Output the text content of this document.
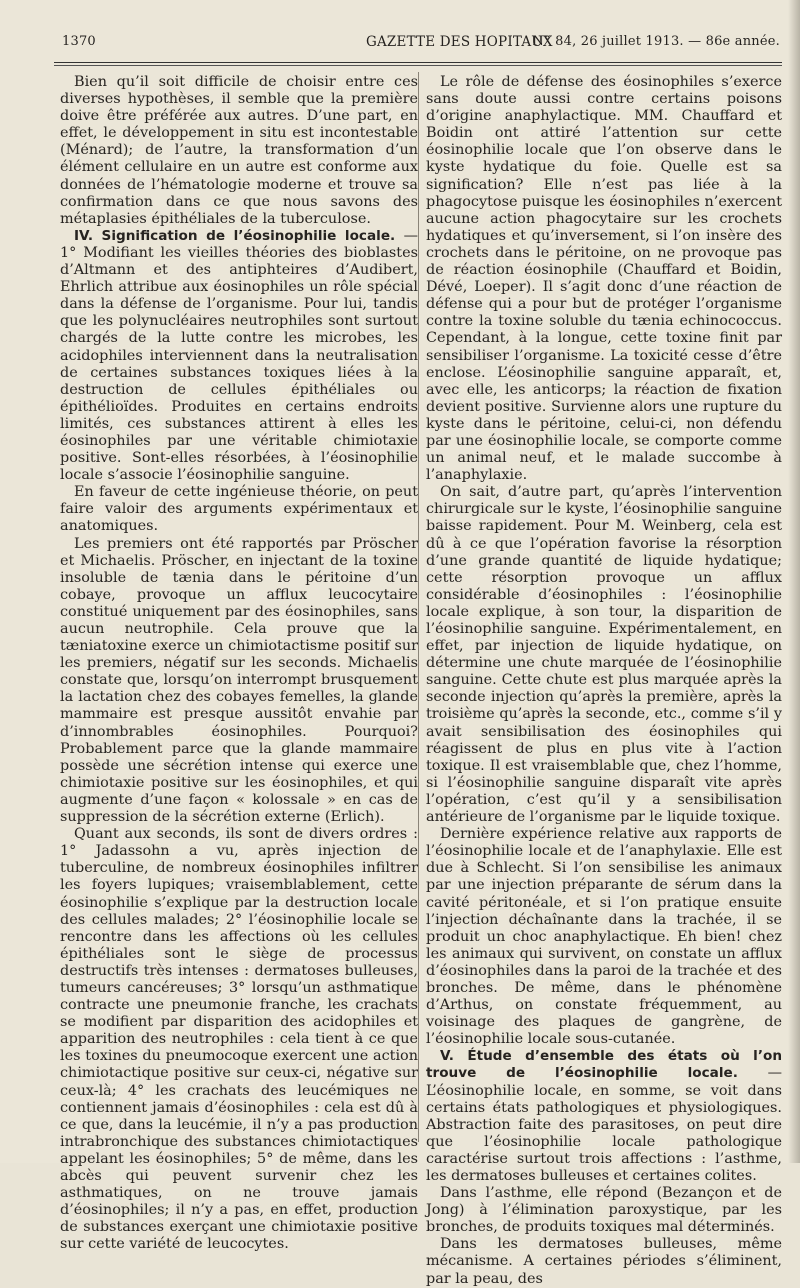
1370	GAZETTE DES HOPITAUX
N° 84, 26 juillet 1913. — 86e année.

Bien qu’il soit difficile de choisir entre ces diverses hypothèses, il semble que la première doive être préférée aux autres. D’une part, en effet, le développement in situ est incontestable (Ménard); de l’autre, la transformation d’un élément cellulaire en un autre est conforme aux données de l’hématologie moderne et trouve sa confirmation dans ce que nous savons des métaplasies épithéliales de la tuberculose.

IV. Signification de l’éosinophilie locale. — 1° Modifiant les vieilles théories des bioblastes d’Altmann et des antiphteires d’Audibert, Ehrlich attribue aux éosinophiles un rôle spécial dans la défense de l’organisme. Pour lui, tandis que les polynucléaires neutrophiles sont surtout chargés de la lutte contre les microbes, les acidophiles interviennent dans la neutralisation de certaines substances toxiques liées à la destruction de cellules épithéliales ou épithélioïdes. Produites en certains endroits limités, ces substances attirent à elles les éosinophiles par une véritable chimiotaxie positive. Sont-elles résorbées, à l’éosinophilie locale s’associe l’éosinophilie sanguine.

En faveur de cette ingénieuse théorie, on peut faire valoir des arguments expérimentaux et anatomiques.

Les premiers ont été rapportés par Pröscher et Michaelis. Pröscher, en injectant de la toxine insoluble de tænia dans le péritoine d’un cobaye, provoque un afflux leucocytaire constitué uniquement par des éosinophiles, sans aucun neutrophile. Cela prouve que la tæniatoxine exerce un chimiotactisme positif sur les premiers, négatif sur les seconds. Michaelis constate que, lorsqu’on interrompt brusquement la lactation chez des cobayes femelles, la glande mammaire est presque aussitôt envahie par d’innombrables éosinophiles. Pourquoi? Probablement parce que la glande mammaire possède une sécrétion intense qui exerce une chimiotaxie positive sur les éosinophiles, et qui augmente d’une façon « kolossale » en cas de suppression de la sécrétion externe (Erlich).

Quant aux seconds, ils sont de divers ordres : 1° Jadassohn a vu, après injection de tuberculine, de nombreux éosinophiles infiltrer les foyers lupiques; vraisemblablement, cette éosinophilie s’explique par la destruction locale des cellules malades; 2° l’éosinophilie locale se rencontre dans les affections où les cellules épithéliales sont le siège de processus destructifs très intenses : dermatoses bulleuses, tumeurs cancéreuses; 3° lorsqu’un asthmatique contracte une pneumonie franche, les crachats se modifient par disparition des acidophiles et apparition des neutrophiles : cela tient à ce que les toxines du pneumocoque exercent une action chimiotactique positive sur ceux-ci, négative sur ceux-là; 4° les crachats des leucémiques ne contiennent jamais d’éosinophiles : cela est dû à ce que, dans la leucémie, il n’y a pas production intrabronchique des substances chimiotactiques appelant les éosinophiles; 5° de même, dans les abcès qui peuvent survenir chez les asthmatiques, on ne trouve jamais d’éosinophiles; il n’y a pas, en effet, production de substances exerçant une chimiotaxie positive sur cette variété de leucocytes.

Le rôle de défense des éosinophiles s’exerce sans doute aussi contre certains poisons d’origine anaphylactique. MM. Chauffard et Boidin ont attiré l’attention sur cette éosinophilie locale que l’on observe dans le kyste hydatique du foie. Quelle est sa signification? Elle n’est pas liée à la phagocytose puisque les éosinophiles n’exercent aucune action phagocytaire sur les crochets hydatiques et qu’inversement, si l’on insère des crochets dans le péritoine, on ne provoque pas de réaction éosinophile (Chauffard et Boidin, Dévé, Loeper). Il s’agit donc d’une réaction de défense qui a pour but de protéger l’organisme contre la toxine soluble du tænia echinococcus. Cependant, à la longue, cette toxine finit par sensibiliser l’organisme. La toxicité cesse d’être enclose. L’éosinophilie sanguine apparaît, et, avec elle, les anticorps; la réaction de fixation devient positive. Survienne alors une rupture du kyste dans le péritoine, celui-ci, non défendu par une éosinophilie locale, se comporte comme un animal neuf, et le malade succombe à l’anaphylaxie.

On sait, d’autre part, qu’après l’intervention chirurgicale sur le kyste, l’éosinophilie sanguine baisse rapidement. Pour M. Weinberg, cela est dû à ce que l’opération favorise la résorption d’une grande quantité de liquide hydatique; cette résorption provoque un afflux considérable d’éosinophiles : l’éosinophilie locale explique, à son tour, la disparition de l’éosinophilie sanguine. Expérimentalement, en effet, par injection de liquide hydatique, on détermine une chute marquée de l’éosinophilie sanguine. Cette chute est plus marquée après la seconde injection qu’après la première, après la troisième qu’après la seconde, etc., comme s’il y avait sensibilisation des éosinophiles qui réagissent de plus en plus vite à l’action toxique. Il est vraisemblable que, chez l’homme, si l’éosinophilie sanguine disparaît vite après l’opération, c’est qu’il y a sensibilisation antérieure de l’organisme par le liquide toxique.

Dernière expérience relative aux rapports de l’éosinophilie locale et de l’anaphylaxie. Elle est due à Schlecht. Si l’on sensibilise les animaux par une injection préparante de sérum dans la cavité péritonéale, et si l’on pratique ensuite l’injection déchaînante dans la trachée, il se produit un choc anaphylactique. Eh bien! chez les animaux qui survivent, on constate un afflux d’éosinophiles dans la paroi de la trachée et des bronches. De même, dans le phénomène d’Arthus, on constate fréquemment, au voisinage des plaques de gangrène, de l’éosinophilie locale sous-cutanée.

V. Étude d’ensemble des états où l’on trouve de l’éosinophilie locale. — L’éosinophilie locale, en somme, se voit dans certains états pathologiques et physiologiques. Abstraction faite des parasitoses, on peut dire que l’éosinophilie locale pathologique caractérise surtout trois affections : l’asthme, les dermatoses bulleuses et certaines colites.

Dans l’asthme, elle répond (Bezançon et de Jong) à l’élimination paroxystique, par les bronches, de produits toxiques mal déterminés.

Dans les dermatoses bulleuses, même mécanisme. A certaines périodes s’éliminent, par la peau, des
